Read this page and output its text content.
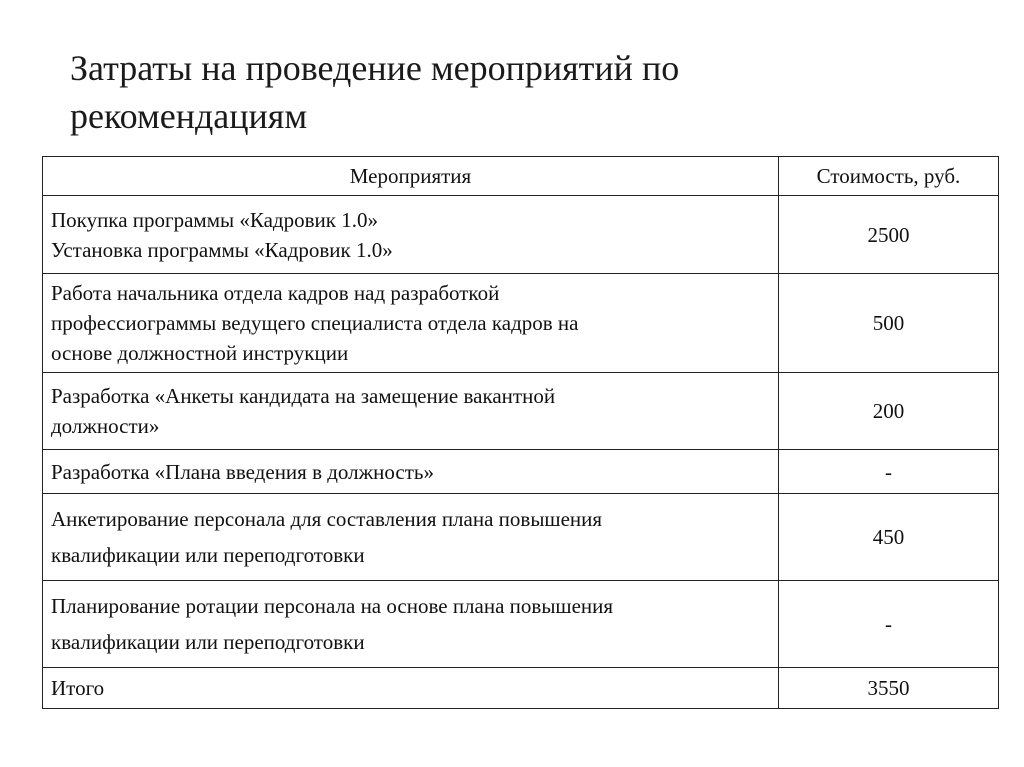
Затраты на проведение мероприятий по
рекомендациям
Мероприятия	Стоимость, руб.

Покупка программы «Кадровик 1.0»
Установка программы «Кадровик 1.0»	2500

Работа начальника отдела кадров над разработкой
профессиограммы ведущего специалиста отдела кадров на
основе должностной инструкции	500

Разработка «Анкеты кандидата на замещение вакантной
должности»	200

Разработка «Плана введения в должность»	-

Анкетирование персонала для составления плана повышения
квалификации или переподготовки	450

Планирование ротации персонала на основе плана повышения
квалификации или переподготовки	-

Итого	3550
